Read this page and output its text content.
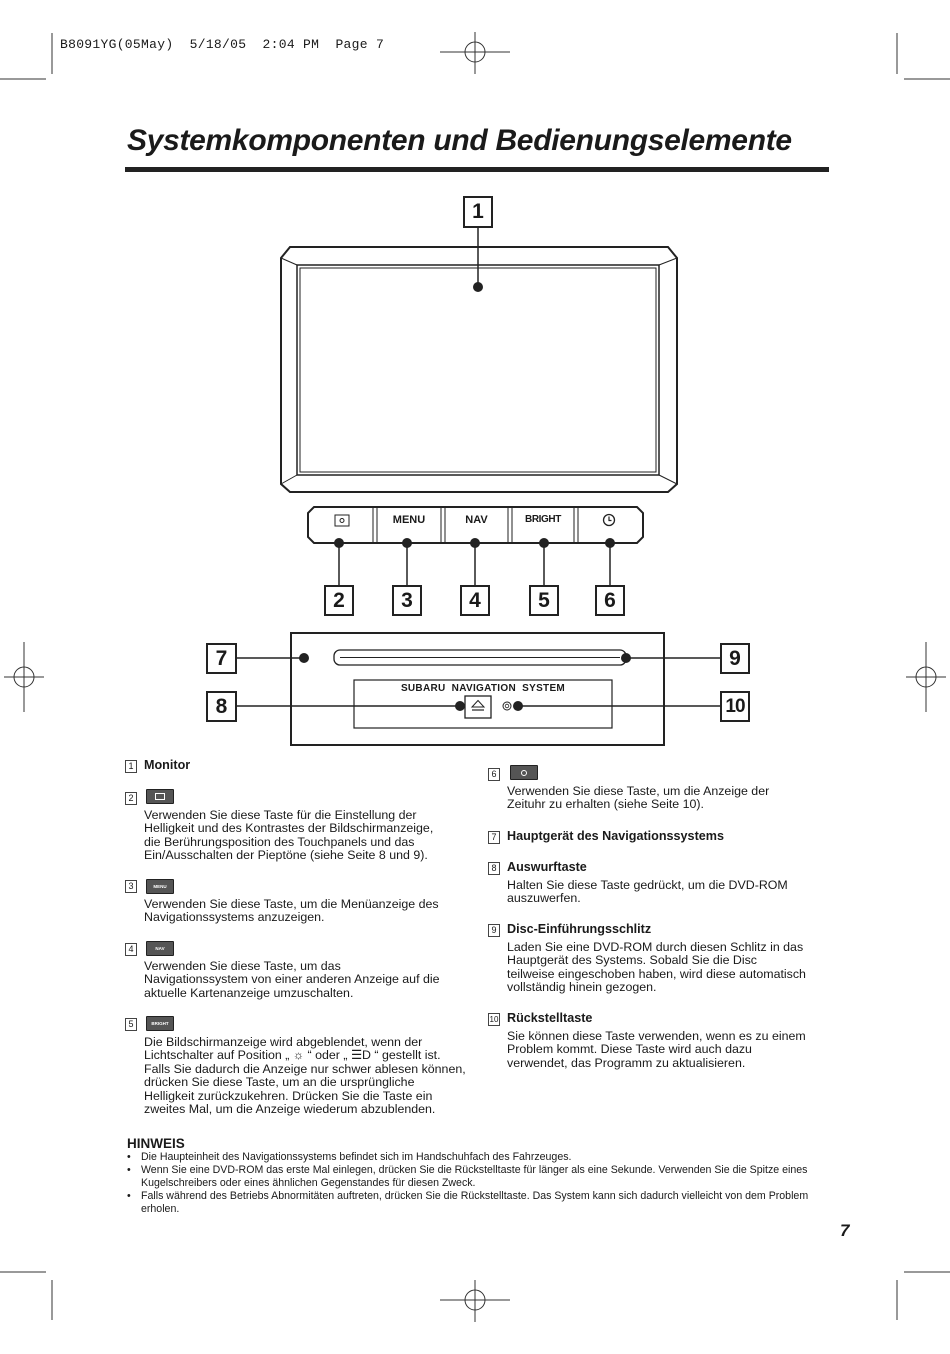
B8091YG(05May)  5/18/05  2:04 PM  Page 7
Systemkomponenten und Bedienungselemente
1
2	3	4	5	6
7
8
9
10
MENU	NAV	BRIGHT
SUBARU  NAVIGATION  SYSTEM
1 Monitor
2
Verwenden Sie diese Taste für die Einstellung der
Helligkeit und des Kontrastes der Bildschirmanzeige,
die Berührungsposition des Touchpanels und das
Ein/Ausschalten der Pieptöne (siehe Seite 8 und 9).
3	MENU
Verwenden Sie diese Taste, um die Menüanzeige des
Navigationssystems anzuzeigen.
4	NAV
Verwenden Sie diese Taste, um das
Navigationssystem von einer anderen Anzeige auf die
aktuelle Kartenanzeige umzuschalten.
5	BRIGHT
Die Bildschirmanzeige wird abgeblendet, wenn der
Lichtschalter auf Position „ ☼ “ oder „ ☰D “ gestellt ist.
Falls Sie dadurch die Anzeige nur schwer ablesen können,
drücken Sie diese Taste, um an die ursprüngliche
Helligkeit zurückzukehren. Drücken Sie die Taste ein
zweites Mal, um die Anzeige wiederum abzublenden.
6
Verwenden Sie diese Taste, um die Anzeige der
Zeituhr zu erhalten (siehe Seite 10).
7 Hauptgerät des Navigationssystems
8 Auswurftaste
Halten Sie diese Taste gedrückt, um die DVD-ROM
auszuwerfen.
9 Disc-Einführungsschlitz
Laden Sie eine DVD-ROM durch diesen Schlitz in das
Hauptgerät des Systems. Sobald Sie die Disc
teilweise eingeschoben haben, wird diese automatisch
vollständig hinein gezogen.
10 Rückstelltaste
Sie können diese Taste verwenden, wenn es zu einem
Problem kommt. Diese Taste wird auch dazu
verwendet, das Programm zu aktualisieren.
HINWEIS
• Die Haupteinheit des Navigationssystems befindet sich im Handschuhfach des Fahrzeuges.
• Wenn Sie eine DVD-ROM das erste Mal einlegen, drücken Sie die Rückstelltaste für länger als eine Sekunde. Verwenden Sie die Spitze eines Kugelschreibers oder eines ähnlichen Gegenstandes für diesen Zweck.
• Falls während des Betriebs Abnormitäten auftreten, drücken Sie die Rückstelltaste. Das System kann sich dadurch vielleicht von dem Problem erholen.
7
